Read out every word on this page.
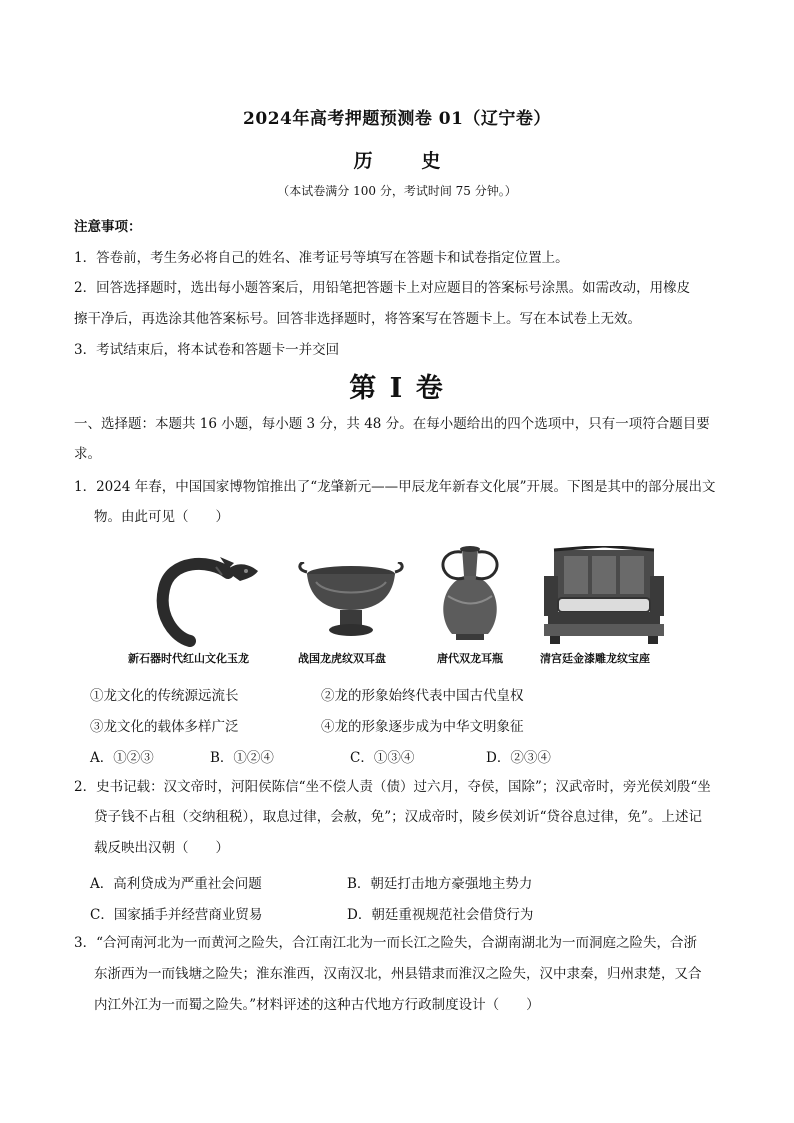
2024年高考押题预测卷 01（辽宁卷）
历	史
（本试卷满分 100 分，考试时间 75 分钟。）
注意事项：
1．答卷前，考生务必将自己的姓名、准考证号等填写在答题卡和试卷指定位置上。
2．回答选择题时，选出每小题答案后，用铅笔把答题卡上对应题目的答案标号涂黑。如需改动，用橡皮
擦干净后，再选涂其他答案标号。回答非选择题时，将答案写在答题卡上。写在本试卷上无效。
3．考试结束后，将本试卷和答题卡一并交回
第 I 卷
一、选择题：本题共 16 小题，每小题 3 分，共 48 分。在每小题给出的四个选项中，只有一项符合题目要
求。
1．2024 年春，中国国家博物馆推出了“龙肇新元——甲辰龙年新春文化展”开展。下图是其中的部分展出文
物。由此可见（　　）
新石器时代红山文化玉龙	战国龙虎纹双耳盘	唐代双龙耳瓶	清宫廷金漆雕龙纹宝座
①龙文化的传统源远流长	②龙的形象始终代表中国古代皇权
③龙文化的载体多样广泛	④龙的形象逐步成为中华文明象征
A．①②③	B．①②④	C．①③④	D．②③④
2．史书记载：汉文帝时，河阳侯陈信“坐不偿人责（债）过六月，夺侯，国除”；汉武帝时，旁光侯刘殷“坐
贷子钱不占租（交纳租税），取息过律，会赦，免”；汉成帝时，陵乡侯刘䜣“贷谷息过律，免”。上述记
载反映出汉朝（　　）
A．高利贷成为严重社会问题	B．朝廷打击地方豪强地主势力
C．国家插手并经营商业贸易	D．朝廷重视规范社会借贷行为
3．“合河南河北为一而黄河之险失，合江南江北为一而长江之险失，合湖南湖北为一而洞庭之险失，合浙
东浙西为一而钱塘之险失；淮东淮西，汉南汉北，州县错隶而淮汉之险失，汉中隶秦，归州隶楚，又合
内江外江为一而蜀之险失。”材料评述的这种古代地方行政制度设计（　　）
